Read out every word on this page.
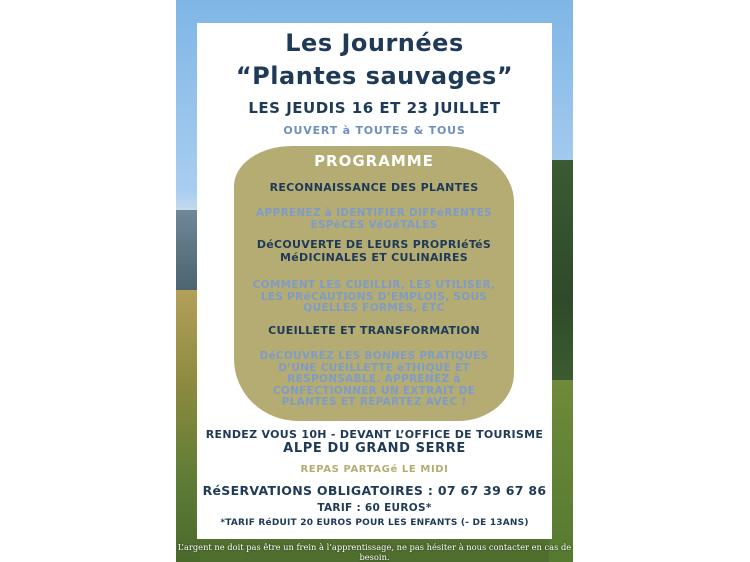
Les Journées
“Plantes sauvages”
LES JEUDIS 16 ET 23 JUILLET
OUVERT à TOUTES & TOUS
PROGRAMME
RECONNAISSANCE DES PLANTES
APPRENEZ à IDENTIFIER DIFFéRENTES ESPèCES VéGéTALES
DéCOUVERTE DE LEURS PROPRIéTéS MéDICINALES ET CULINAIRES
COMMENT LES CUEILLIR, LES UTILISER, LES PRéCAUTIONS D’EMPLOIS, SOUS QUELLES FORMES, ETC
CUEILLETE ET TRANSFORMATION
DéCOUVREZ LES BONNES PRATIQUES D’UNE CUEILLETTE éTHIQUE ET RESPONSABLE. APPRENEZ à CONFECTIONNER UN EXTRAIT DE PLANTES ET REPARTEZ AVEC !
RENDEZ VOUS 10H - DEVANT L’OFFICE DE TOURISME
ALPE DU GRAND SERRE
REPAS PARTAGé LE MIDI
RéSERVATIONS OBLIGATOIRES : 07 67 39 67 86
TARIF : 60 EUROS*
*TARIF RéDUIT 20 EUROS POUR LES ENFANTS (- DE 13ANS)
L’argent ne doit pas être un frein à l’apprentissage, ne pas hésiter à nous contacter en cas de besoin.
